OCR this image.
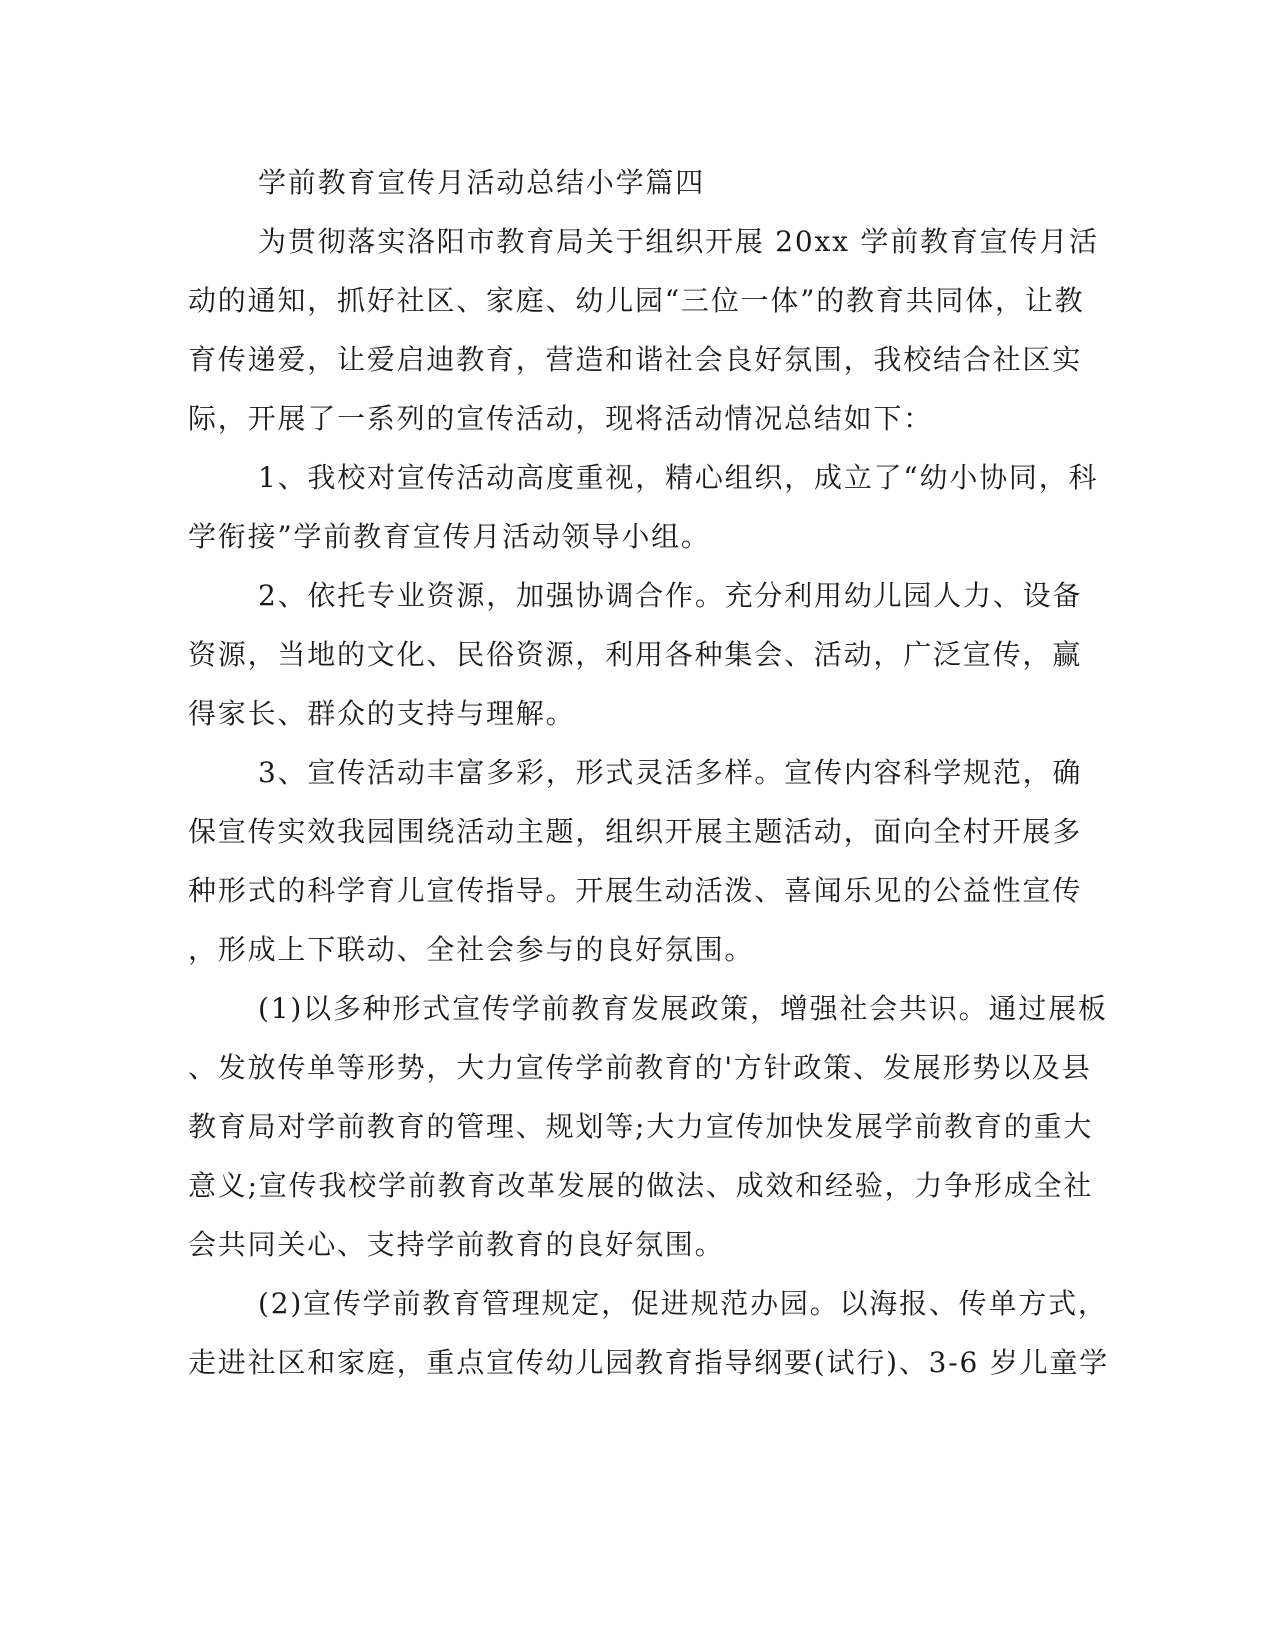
学前教育宣传月活动总结小学篇四
为贯彻落实洛阳市教育局关于组织开展 20xx 学前教育宣传月活
动的通知，抓好社区、家庭、幼儿园“三位一体”的教育共同体，让教
育传递爱，让爱启迪教育，营造和谐社会良好氛围，我校结合社区实
际，开展了一系列的宣传活动，现将活动情况总结如下：
1、我校对宣传活动高度重视，精心组织，成立了“幼小协同，科
学衔接”学前教育宣传月活动领导小组。
2、依托专业资源，加强协调合作。充分利用幼儿园人力、设备
资源，当地的文化、民俗资源，利用各种集会、活动，广泛宣传，赢
得家长、群众的支持与理解。
3、宣传活动丰富多彩，形式灵活多样。宣传内容科学规范，确
保宣传实效我园围绕活动主题，组织开展主题活动，面向全村开展多
种形式的科学育儿宣传指导。开展生动活泼、喜闻乐见的公益性宣传
，形成上下联动、全社会参与的良好氛围。
(1)以多种形式宣传学前教育发展政策，增强社会共识。通过展板
、发放传单等形势，大力宣传学前教育的'方针政策、发展形势以及县
教育局对学前教育的管理、规划等;大力宣传加快发展学前教育的重大
意义;宣传我校学前教育改革发展的做法、成效和经验，力争形成全社
会共同关心、支持学前教育的良好氛围。
(2)宣传学前教育管理规定，促进规范办园。以海报、传单方式，
走进社区和家庭，重点宣传幼儿园教育指导纲要(试行)、3-6 岁儿童学
